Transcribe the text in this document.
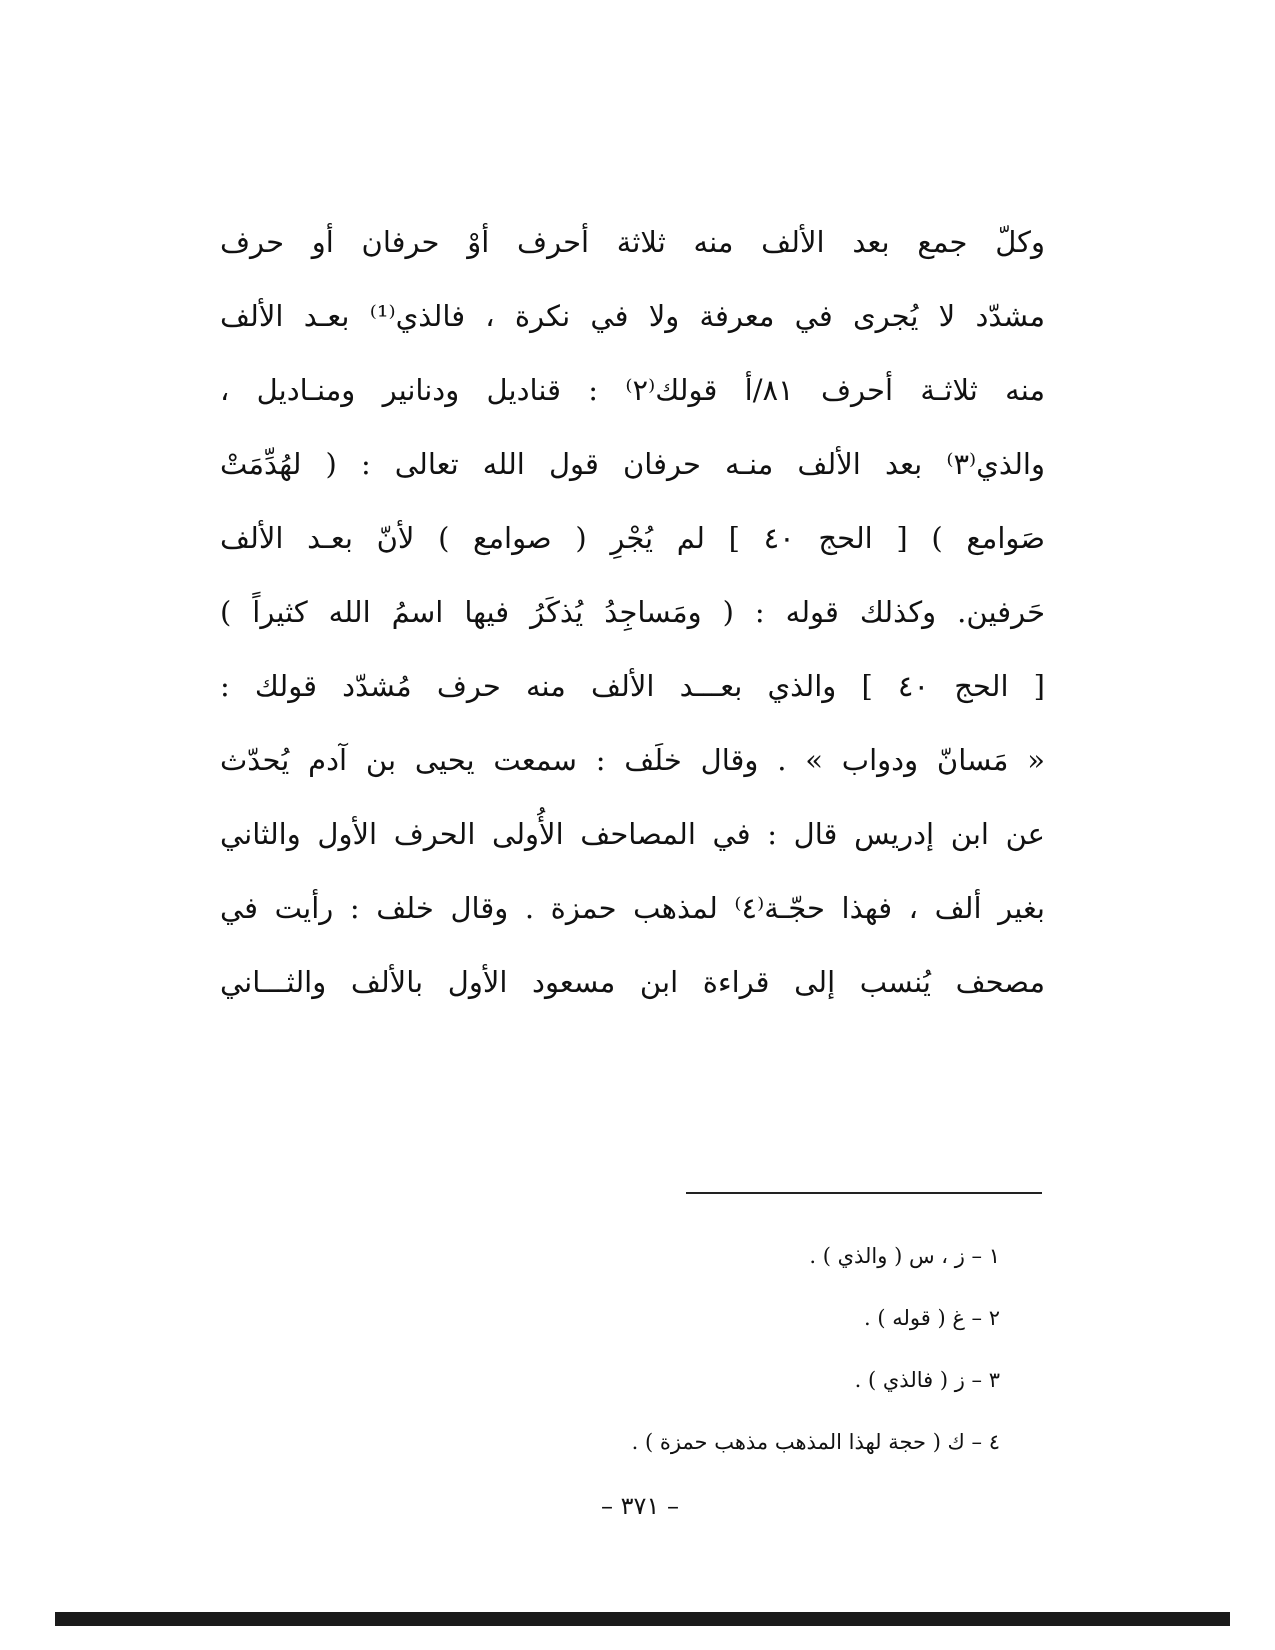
وكلّ جمع بعد الألف منه ثلاثة أحرف أوْ حرفان أو حرف
مشدّد لا يُجرى في معرفة ولا في نكرة ، فالذي⁽¹⁾ بعـد الألف
منه ثلاثـة أحرف ٨١/أ قولك⁽٢⁾ : قناديل ودنانير ومنـاديل ،
والذي⁽٣⁾ بعد الألف منـه حرفان قول الله تعالى : ( لهُدِّمَتْ
صَوامع ) [ الحج ٤٠ ] لم يُجْرِ ( صوامع ) لأنّ بعـد الألف
حَرفين. وكذلك قوله : ( ومَساجِدُ يُذكَرُ فيها اسمُ الله كثيراً )
[ الحج ٤٠ ] والذي بعـــد الألف منه حرف مُشدّد قولك :
« مَسانّ ودواب » . وقال خلَف : سمعت يحيى بن آدم يُحدّث
عن ابن إدريس قال : في المصاحف الأُولى الحرف الأول والثاني
بغير ألف ، فهذا حجّـة⁽٤⁾ لمذهب حمزة . وقال خلف : رأيت في
مصحف يُنسب إلى قراءة ابن مسعود الأول بالألف والثـــاني
١ – ز ، س ( والذي ) .
٢ – غ ( قوله ) .
٣ – ز ( فالذي ) .
٤ – ك ( حجة لهذا المذهب مذهب حمزة ) .
– ٣٧١ –
